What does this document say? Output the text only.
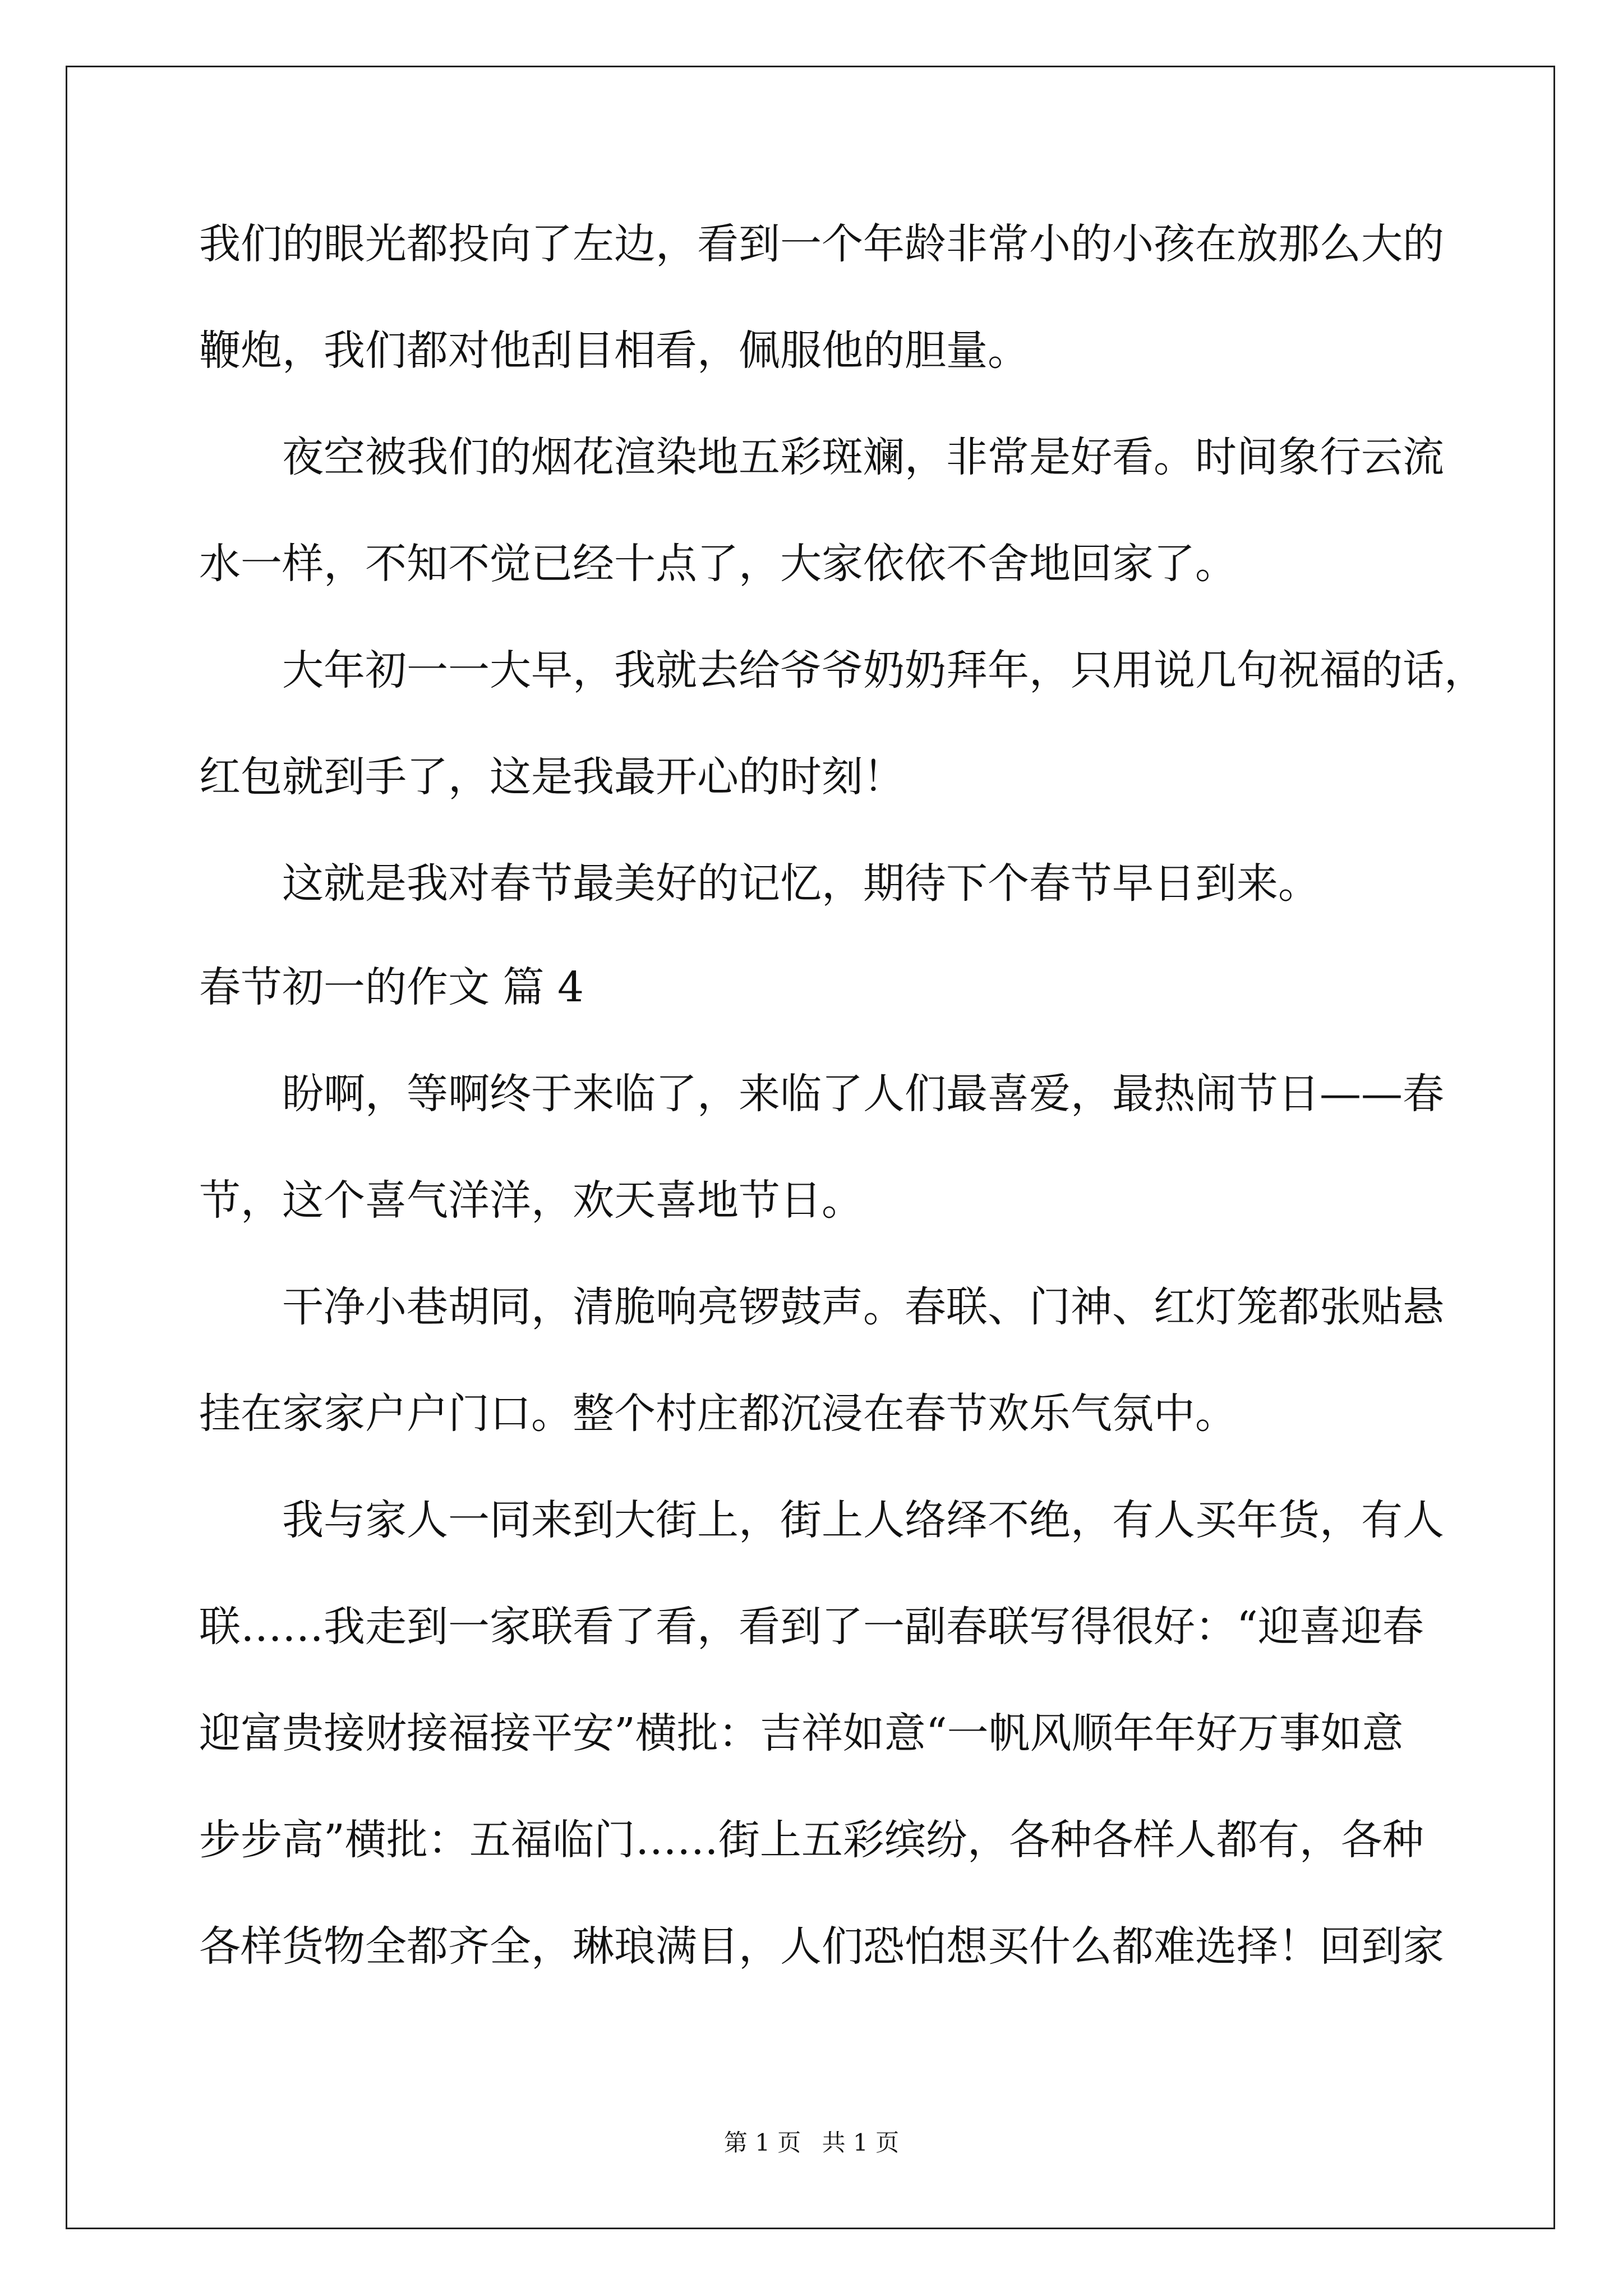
我们的眼光都投向了左边，看到一个年龄非常小的小孩在放那么大的
鞭炮，我们都对他刮目相看，佩服他的胆量。
夜空被我们的烟花渲染地五彩斑斓，非常是好看。时间象行云流
水一样，不知不觉已经十点了，大家依依不舍地回家了。
大年初一一大早，我就去给爷爷奶奶拜年，只用说几句祝福的话，
红包就到手了，这是我最开心的时刻！
这就是我对春节最美好的记忆，期待下个春节早日到来。
春节初一的作文 篇 4
盼啊，等啊终于来临了，来临了人们最喜爱，最热闹节日——春
节，这个喜气洋洋，欢天喜地节日。
干净小巷胡同，清脆响亮锣鼓声。春联、门神、红灯笼都张贴悬
挂在家家户户门口。整个村庄都沉浸在春节欢乐气氛中。
我与家人一同来到大街上，街上人络绎不绝，有人买年货，有人
联……我走到一家联看了看，看到了一副春联写得很好：“迎喜迎春
迎富贵接财接福接平安”横批：吉祥如意“一帆风顺年年好万事如意
步步高”横批：五福临门……街上五彩缤纷，各种各样人都有，各种
各样货物全都齐全，琳琅满目，人们恐怕想买什么都难选择！回到家
第 1 页 共 1 页
